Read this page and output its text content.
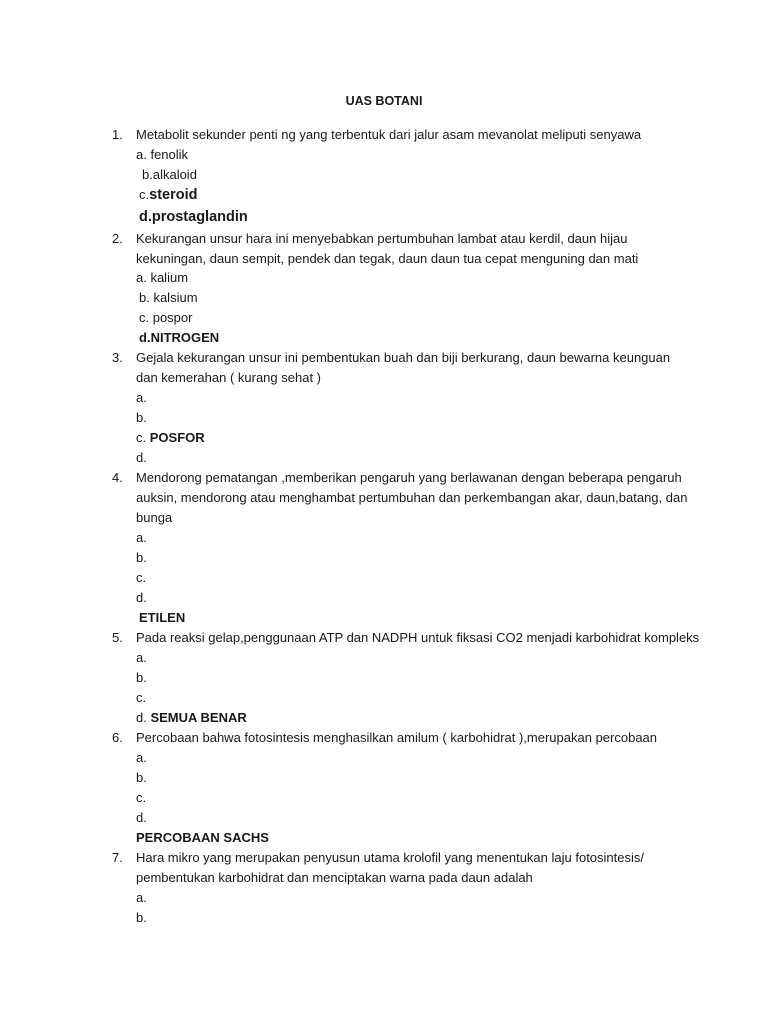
UAS BOTANI
1. Metabolit sekunder penti ng yang terbentuk dari jalur asam mevanolat meliputi senyawa
a. fenolik
b.alkaloid
c.steroid
d.prostaglandin
2. Kekurangan unsur hara ini menyebabkan pertumbuhan lambat atau kerdil, daun hijau
kekuningan, daun sempit, pendek dan tegak, daun daun tua cepat menguning dan mati
a. kalium
b. kalsium
c. pospor
d.NITROGEN
3. Gejala kekurangan unsur ini pembentukan buah dan biji berkurang, daun bewarna keunguan
dan kemerahan ( kurang sehat )
a.
b.
c. POSFOR
d.
4. Mendorong pematangan ,memberikan pengaruh yang berlawanan dengan beberapa pengaruh
auksin, mendorong atau menghambat pertumbuhan dan perkembangan akar, daun,batang, dan
bunga
a.
b.
c.
d.
ETILEN
5. Pada reaksi gelap,penggunaan ATP dan NADPH untuk fiksasi CO2 menjadi karbohidrat kompleks
a.
b.
c.
d. SEMUA BENAR
6. Percobaan bahwa fotosintesis menghasilkan amilum ( karbohidrat ),merupakan percobaan
a.
b.
c.
d.
PERCOBAAN SACHS
7. Hara mikro yang merupakan penyusun utama krolofil yang menentukan laju fotosintesis/
pembentukan karbohidrat dan menciptakan warna pada daun adalah
a.
b.
